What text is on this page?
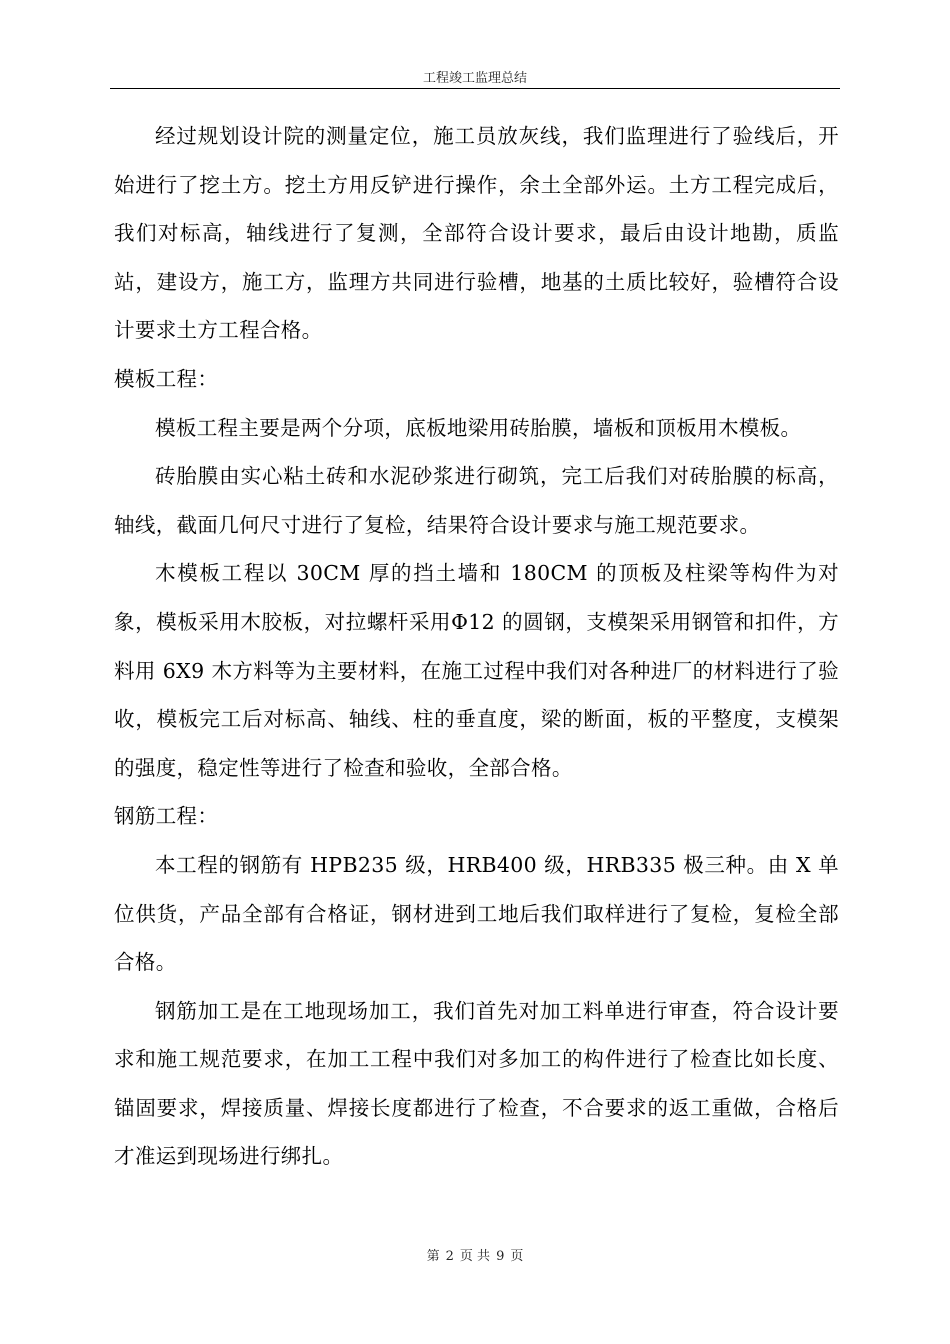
工程竣工监理总结

经过规划设计院的测量定位，施工员放灰线，我们监理进行了验线后，开始进行了挖土方。挖土方用反铲进行操作，余土全部外运。土方工程完成后，我们对标高，轴线进行了复测，全部符合设计要求，最后由设计地勘，质监站，建设方，施工方，监理方共同进行验槽，地基的土质比较好，验槽符合设计要求土方工程合格。

模板工程：

模板工程主要是两个分项，底板地梁用砖胎膜，墙板和顶板用木模板。

砖胎膜由实心粘土砖和水泥砂浆进行砌筑，完工后我们对砖胎膜的标高，轴线，截面几何尺寸进行了复检，结果符合设计要求与施工规范要求。

木模板工程以 30CM 厚的挡土墙和 180CM 的顶板及柱梁等构件为对象，模板采用木胶板，对拉螺杆采用Φ12 的圆钢，支模架采用钢管和扣件，方料用 6X9 木方料等为主要材料，在施工过程中我们对各种进厂的材料进行了验收，模板完工后对标高、轴线、柱的垂直度，梁的断面，板的平整度，支模架的强度，稳定性等进行了检查和验收，全部合格。

钢筋工程：

本工程的钢筋有 HPB235 级，HRB400 级，HRB335 极三种。由 X 单位供货，产品全部有合格证，钢材进到工地后我们取样进行了复检，复检全部合格。

钢筋加工是在工地现场加工，我们首先对加工料单进行审查，符合设计要求和施工规范要求，在加工工程中我们对多加工的构件进行了检查比如长度、锚固要求，焊接质量、焊接长度都进行了检查，不合要求的返工重做，合格后才准运到现场进行绑扎。

第 2 页 共 9 页
